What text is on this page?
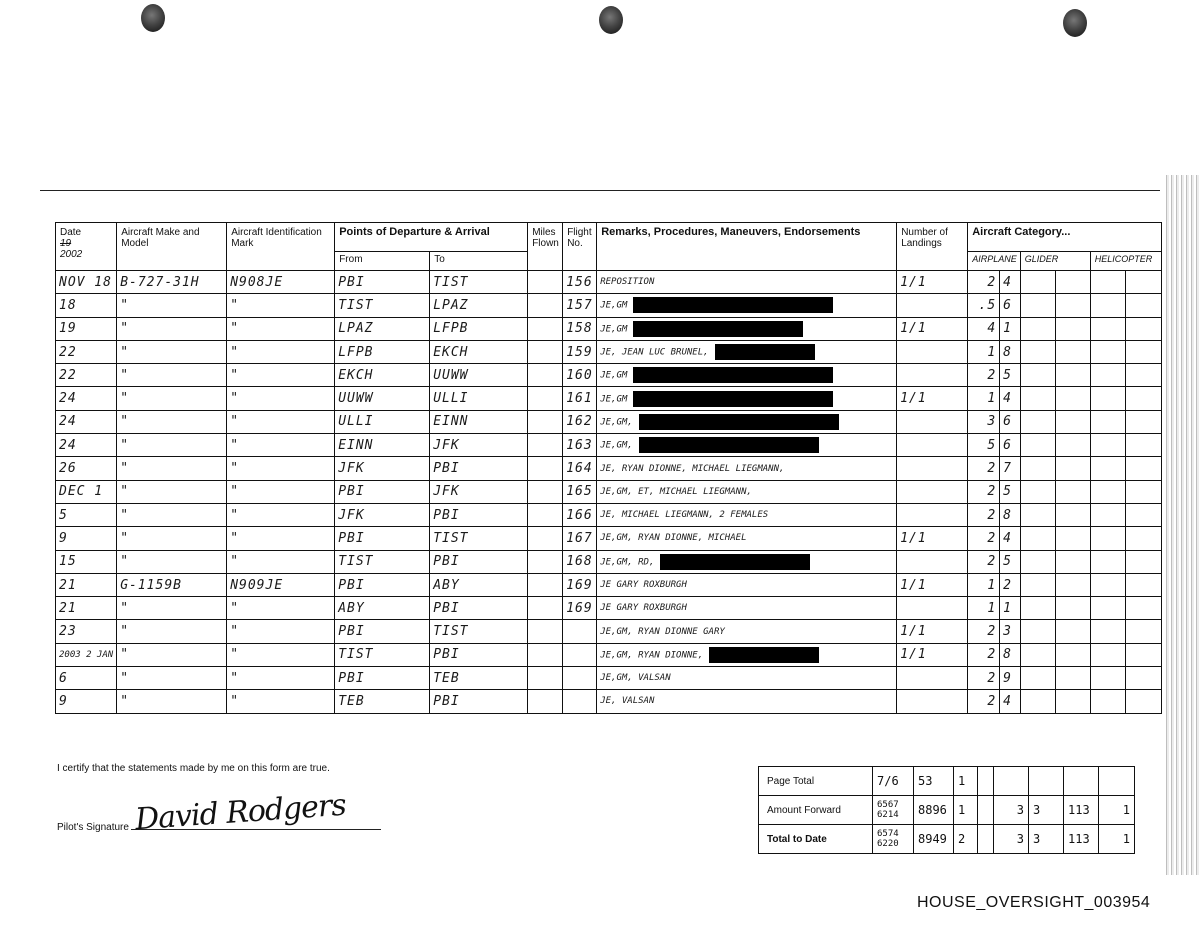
Date
19
2002	Aircraft Make and Model	Aircraft Identification Mark	Points of Departure & Arrival		Miles Flown	Flight No.	Remarks, Procedures, Maneuvers, Endorsements	Number of Landings	Aircraft Category...					
			From	To					AIRPLANE		GLIDER		HELICOPTER	
NOV 18	B-727-31H	N908JE	PBI	TIST		156	REPOSITION	1/1	2	4				
18	"	"	TIST	LPAZ		157	JE,GM		.5	6				
19	"	"	LPAZ	LFPB		158	JE,GM	1/1	4	1				
22	"	"	LFPB	EKCH		159	JE, JEAN LUC BRUNEL,		1	8				
22	"	"	EKCH	UUWW		160	JE,GM		2	5				
24	"	"	UUWW	ULLI		161	JE,GM	1/1	1	4				
24	"	"	ULLI	EINN		162	JE,GM,		3	6				
24	"	"	EINN	JFK		163	JE,GM,		5	6				
26	"	"	JFK	PBI		164	JE, RYAN DIONNE, MICHAEL LIEGMANN,		2	7				
DEC 1	"	"	PBI	JFK		165	JE,GM, ET, MICHAEL LIEGMANN,		2	5				
5	"	"	JFK	PBI		166	JE, MICHAEL LIEGMANN, 2 FEMALES		2	8				
9	"	"	PBI	TIST		167	JE,GM, RYAN DIONNE, MICHAEL	1/1	2	4				
15	"	"	TIST	PBI		168	JE,GM, RD,		2	5				
21	G-1159B	N909JE	PBI	ABY		169	JE GARY ROXBURGH	1/1	1	2				
21	"	"	ABY	PBI		169	JE GARY ROXBURGH		1	1				
23	"	"	PBI	TIST			JE,GM, RYAN DIONNE GARY	1/1	2	3				
2003 2 JAN	"	"	TIST	PBI			JE,GM, RYAN DIONNE,	1/1	2	8				
6	"	"	PBI	TEB			JE,GM, VALSAN		2	9				
9	"	"	TEB	PBI			JE, VALSAN		2	4				
I certify that the statements made by me on this form are true.
Pilot's Signature David Rodgers
Page Total	7/6	53	1					
Amount Forward	6567 6214	8896	1		3	3	113	1
Total to Date	6574 6220	8949	2		3	3	113	1
HOUSE_OVERSIGHT_003954
